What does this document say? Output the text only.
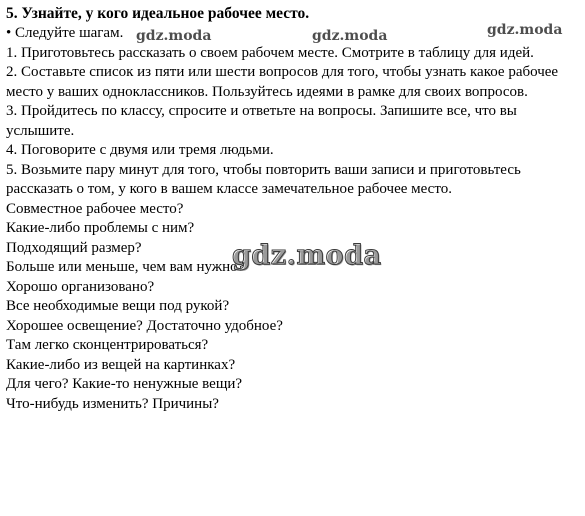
5. Узнайте, у кого идеальное рабочее место.

• Следуйте шагам.

1. Приготовьтесь рассказать о своем рабочем месте. Смотрите в таблицу для идей.

2. Составьте список из пяти или шести вопросов для того, чтобы узнать какое рабочее место у ваших одноклассников. Пользуйтесь идеями в рамке для своих вопросов.

3. Пройдитесь по классу, спросите и ответьте на вопросы. Запишите все, что вы услышите.

4. Поговорите с двумя или тремя людьми.

5. Возьмите пару минут для того, чтобы повторить ваши записи и приготовьтесь рассказать о том, у кого в вашем классе замечательное рабочее место.

Совместное рабочее место?

Какие-либо проблемы с ним?

Подходящий размер?

Больше или меньше, чем вам нужно?

Хорошо организовано?

Все необходимые вещи под рукой?

Хорошее освещение? Достаточно удобное?

Там легко сконцентрироваться?

Какие-либо из вещей на картинках?

Для чего? Какие-то ненужные вещи?

Что-нибудь изменить? Причины?

gdz.moda	gdz.moda	gdz.moda
gdz.moda
